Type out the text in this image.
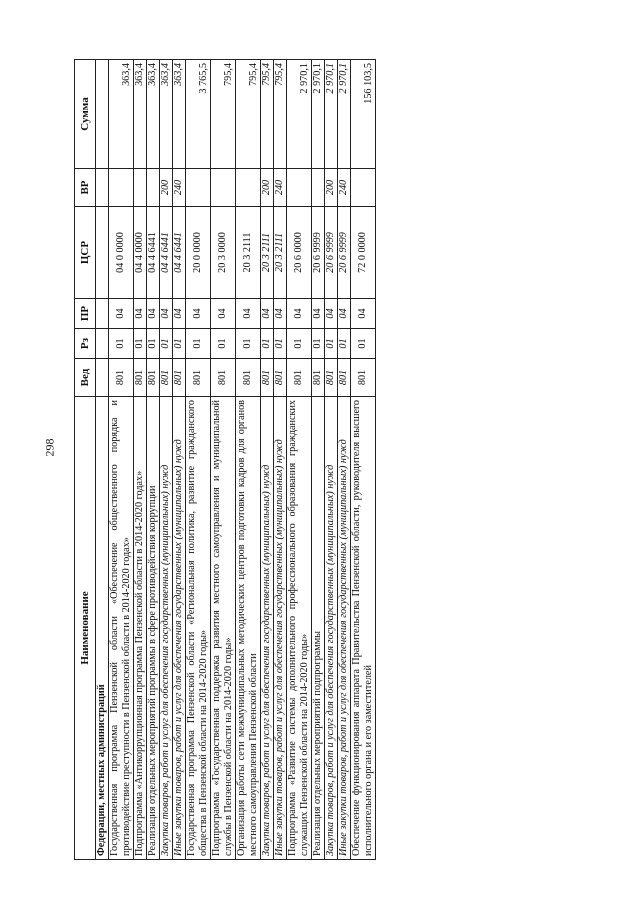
298
Наименование	Вед	Рз	ПР	ЦСР	ВР	Сумма
Федерации, местных администраций						
Государственная программа Пензенской области «Обеспечение общественного порядка и противодействие преступности в Пензенской области в 2014-2020 годах»	801	01	04	04 0 0000		363,4
Подпрограмма «Антикоррупционная программа Пензенской области в 2014-2020 годах»	801	01	04	04 4 0000		363,4
Реализация отдельных мероприятий программы в сфере противодействия коррупции	801	01	04	04 4 6441		363,4
Закупка товаров, работ и услуг для обеспечения государственных (муниципальных) нужд	801	01	04	04 4 6441	200	363,4
Иные закупки товаров, работ и услуг для обеспечения государственных (муниципальных) нужд	801	01	04	04 4 6441	240	363,4
Государственная программа Пензенской области «Региональная политика, развитие гражданского общества в Пензенской области на 2014-2020 годы»	801	01	04	20 0 0000		3 765,5
Подпрограмма «Государственная поддержка развития местного самоуправления и муниципальной службы в Пензенской области на 2014-2020 годы»	801	01	04	20 3 0000		795,4
Организация работы сети межмуниципальных методических центров подготовки кадров для органов местного самоуправления Пензенской области	801	01	04	20 3 2111		795,4
Закупка товаров, работ и услуг для обеспечения государственных (муниципальных) нужд	801	01	04	20 3 2111	200	795,4
Иные закупки товаров, работ и услуг для обеспечения государственных (муниципальных) нужд	801	01	04	20 3 2111	240	795,4
Подпрограмма «Развитие системы дополнительного профессионального образования гражданских служащих Пензенской области на 2014-2020 годы»	801	01	04	20 6 0000		2 970,1
Реализация отдельных мероприятий подпрограммы	801	01	04	20 6 9999		2 970,1
Закупка товаров, работ и услуг для обеспечения государственных (муниципальных) нужд	801	01	04	20 6 9999	200	2 970,1
Иные закупки товаров, работ и услуг для обеспечения государственных (муниципальных) нужд	801	01	04	20 6 9999	240	2 970,1
Обеспечение функционирования аппарата Правительства Пензенской области, руководителя высшего исполнительного органа и его заместителей	801	01	04	72 0 0000		156 103,5
